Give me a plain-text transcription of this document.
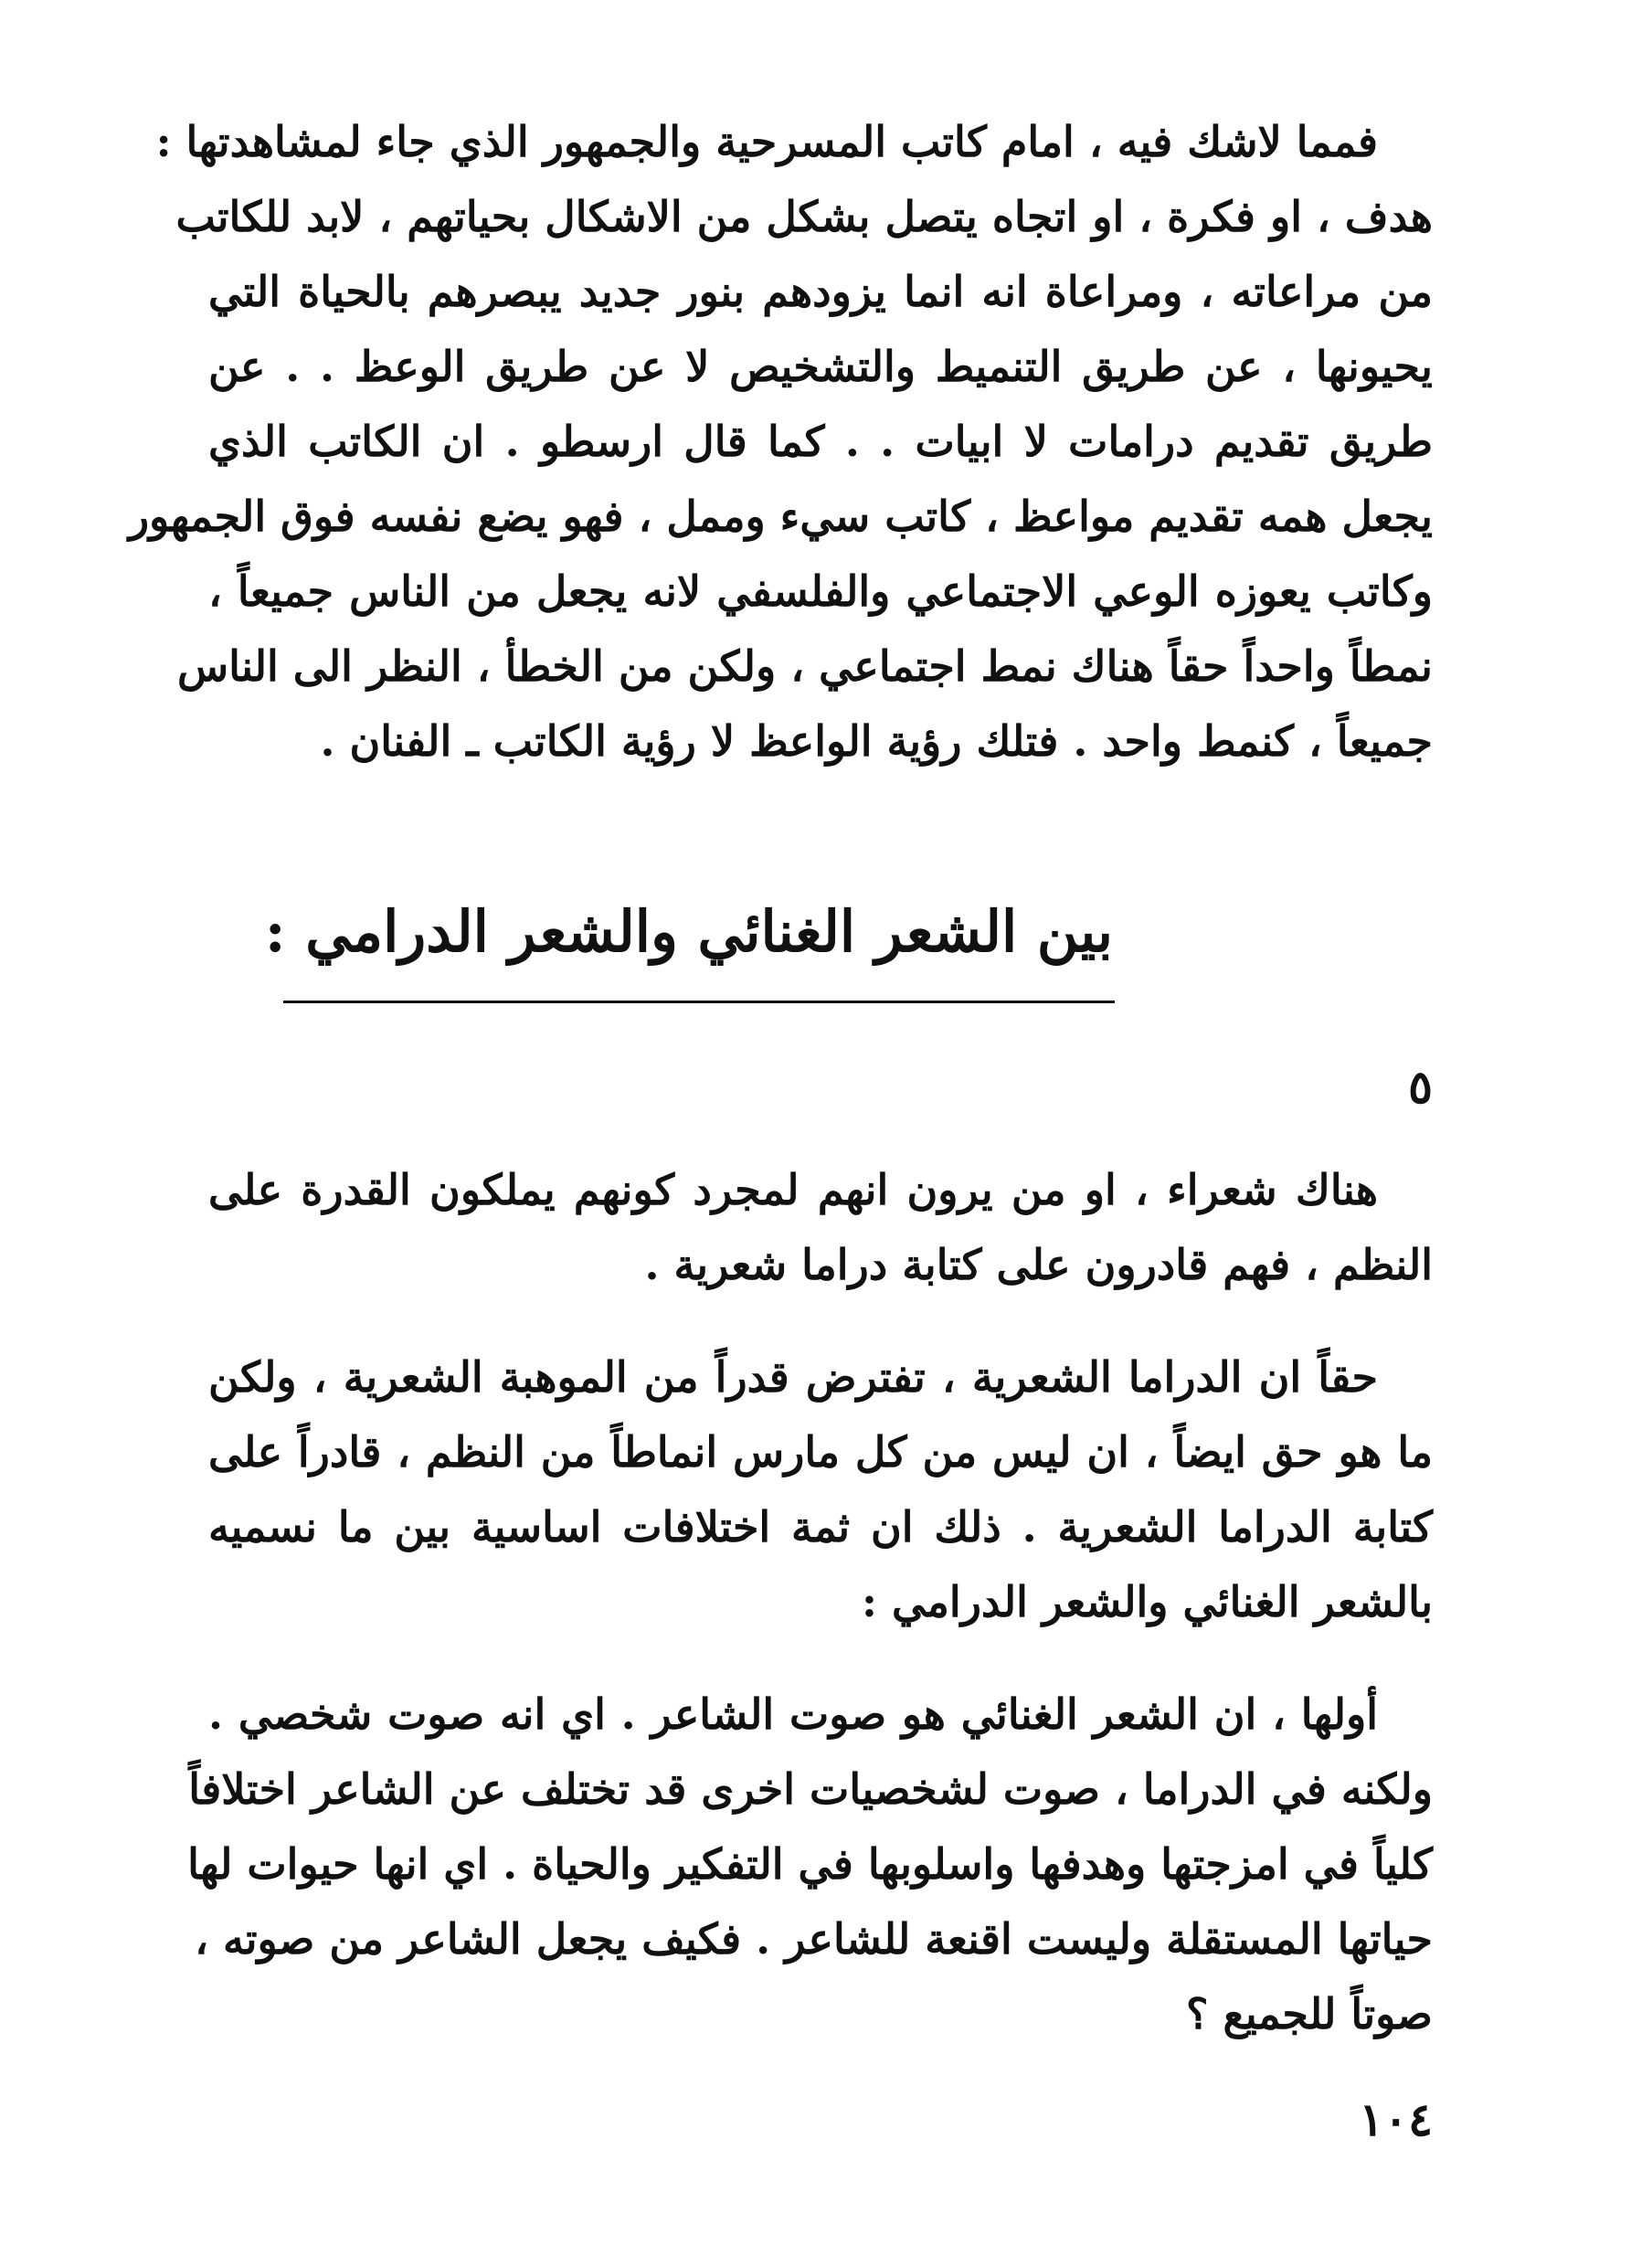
فمما لاشك فيه ، امام كاتب المسرحية والجمهور الذي جاء لمشاهدتها :
هدف ، او فكرة ، او اتجاه يتصل بشكل من الاشكال بحياتهم ، لابد للكاتب
من مراعاته ، ومراعاة انه انما يزودهم بنور جديد يبصرهم بالحياة التي
يحيونها ، عن طريق التنميط والتشخيص لا عن طريق الوعظ . . عن
طريق تقديم درامات لا ابيات . . كما قال ارسطو . ان الكاتب الذي
يجعل همه تقديم مواعظ ، كاتب سيء وممل ، فهو يضع نفسه فوق الجمهور
وكاتب يعوزه الوعي الاجتماعي والفلسفي لانه يجعل من الناس جميعاً ،
نمطاً واحداً حقاً هناك نمط اجتماعي ، ولكن من الخطأ ، النظر الى الناس
جميعاً ، كنمط واحد . فتلك رؤية الواعظ لا رؤية الكاتب ـ الفنان .
بين الشعر الغنائي والشعر الدرامي :
٥
هناك شعراء ، او من يرون انهم لمجرد كونهم يملكون القدرة على
النظم ، فهم قادرون على كتابة دراما شعرية .
حقاً ان الدراما الشعرية ، تفترض قدراً من الموهبة الشعرية ، ولكن
ما هو حق ايضاً ، ان ليس من كل مارس انماطاً من النظم ، قادراً على
كتابة الدراما الشعرية . ذلك ان ثمة اختلافات اساسية بين ما نسميه
بالشعر الغنائي والشعر الدرامي :
أولها ، ان الشعر الغنائي هو صوت الشاعر . اي انه صوت شخصي .
ولكنه في الدراما ، صوت لشخصيات اخرى قد تختلف عن الشاعر اختلافاً
كلياً في امزجتها وهدفها واسلوبها في التفكير والحياة . اي انها حيوات لها
حياتها المستقلة وليست اقنعة للشاعر . فكيف يجعل الشاعر من صوته ،
صوتاً للجميع ؟
١٠٤
